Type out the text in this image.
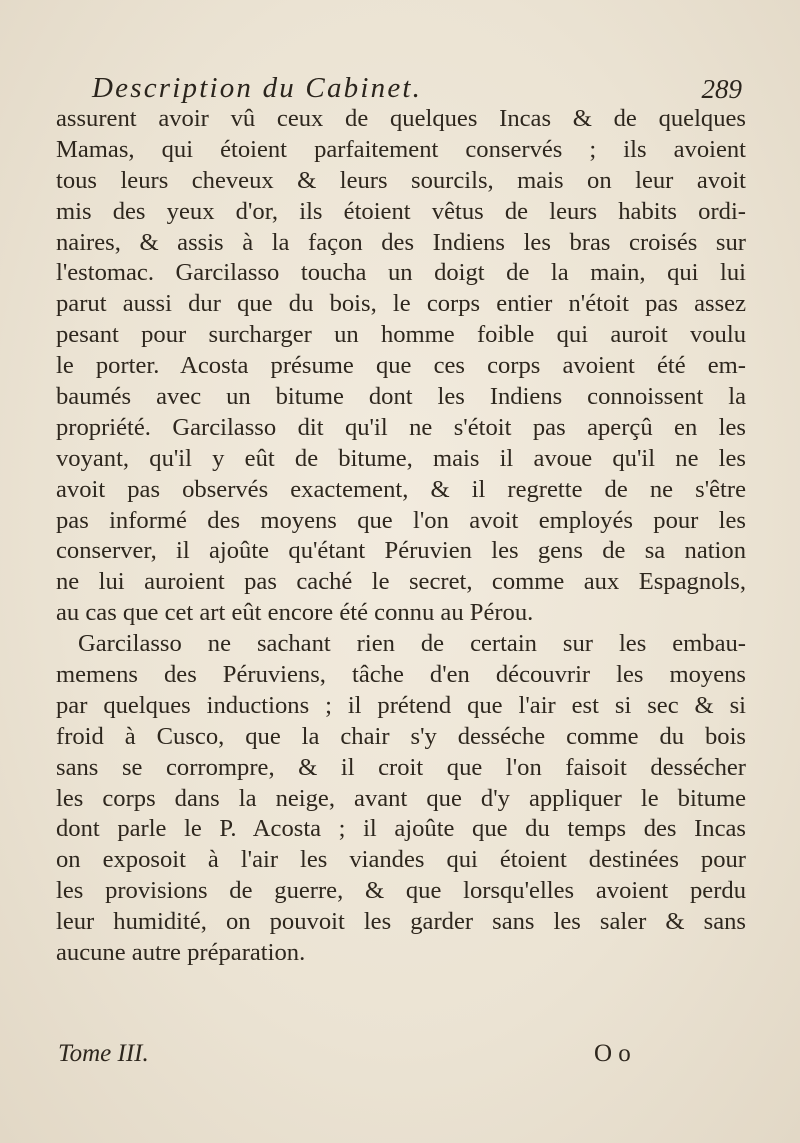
Description du Cabinet.	289
assurent avoir vû ceux de quelques Incas & de quelques
Mamas, qui étoient parfaitement conservés ; ils avoient
tous leurs cheveux & leurs sourcils, mais on leur avoit
mis des yeux d'or, ils étoient vêtus de leurs habits ordi-
naires, & assis à la façon des Indiens les bras croisés sur
l'estomac. Garcilasso toucha un doigt de la main, qui lui
parut aussi dur que du bois, le corps entier n'étoit pas assez
pesant pour surcharger un homme foible qui auroit voulu
le porter. Acosta présume que ces corps avoient été em-
baumés avec un bitume dont les Indiens connoissent la
propriété. Garcilasso dit qu'il ne s'étoit pas aperçû en les
voyant, qu'il y eût de bitume, mais il avoue qu'il ne les
avoit pas observés exactement, & il regrette de ne s'être
pas informé des moyens que l'on avoit employés pour les
conserver, il ajoûte qu'étant Péruvien les gens de sa nation
ne lui auroient pas caché le secret, comme aux Espagnols,
au cas que cet art eût encore été connu au Pérou.
Garcilasso ne sachant rien de certain sur les embau-
memens des Péruviens, tâche d'en découvrir les moyens
par quelques inductions ; il prétend que l'air est si sec & si
froid à Cusco, que la chair s'y desséche comme du bois
sans se corrompre, & il croit que l'on faisoit dessécher
les corps dans la neige, avant que d'y appliquer le bitume
dont parle le P. Acosta ; il ajoûte que du temps des Incas
on exposoit à l'air les viandes qui étoient destinées pour
les provisions de guerre, & que lorsqu'elles avoient perdu
leur humidité, on pouvoit les garder sans les saler & sans
aucune autre préparation.
Tome III.	O o
